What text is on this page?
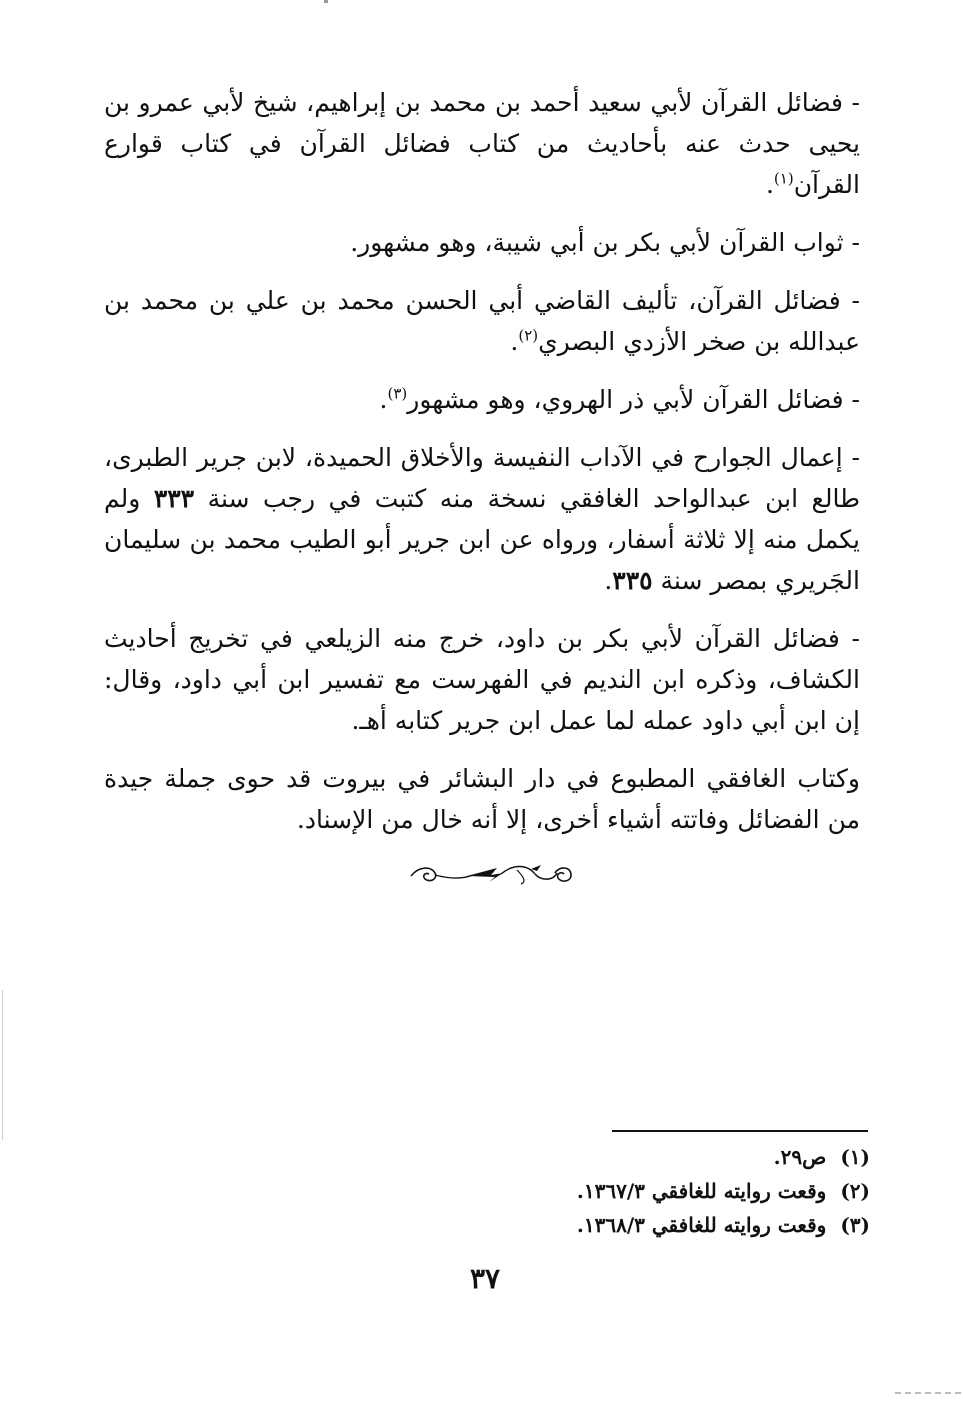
- فضائل القرآن لأبي سعيد أحمد بن محمد بن إبراهيم، شيخ لأبي عمرو بن يحيى حدث عنه بأحاديث من كتاب فضائل القرآن في كتاب قوارع القرآن$^{(١)}$.

- ثواب القرآن لأبي بكر بن أبي شيبة، وهو مشهور.

- فضائل القرآن، تأليف القاضي أبي الحسن محمد بن علي بن محمد بن عبدالله بن صخر الأزدي البصري$^{(٢)}$.

- فضائل القرآن لأبي ذر الهروي، وهو مشهور$^{(٣)}$.

- إعمال الجوارح في الآداب النفيسة والأخلاق الحميدة، لابن جرير الطبرى، طالع ابن عبدالواحد الغافقي نسخة منه كتبت في رجب سنة ٣٣٣ ولم يكمل منه إلا ثلاثة أسفار، ورواه عن ابن جرير أبو الطيب محمد بن سليمان الجَريري بمصر سنة ٣٣٥.

- فضائل القرآن لأبي بكر بن داود، خرج منه الزيلعي في تخريج أحاديث الكشاف، وذكره ابن النديم في الفهرست مع تفسير ابن أبي داود، وقال: إن ابن أبي داود عمله لما عمل ابن جرير كتابه أهـ.

وكتاب الغافقي المطبوع في دار البشائر في بيروت قد حوى جملة جيدة من الفضائل وفاتته أشياء أخرى، إلا أنه خال من الإسناد.

(١)ص٢٩.
(٢)وقعت روايته للغافقي ١٣٦٧/٣.
(٣)وقعت روايته للغافقي ١٣٦٨/٣.
٣٧
